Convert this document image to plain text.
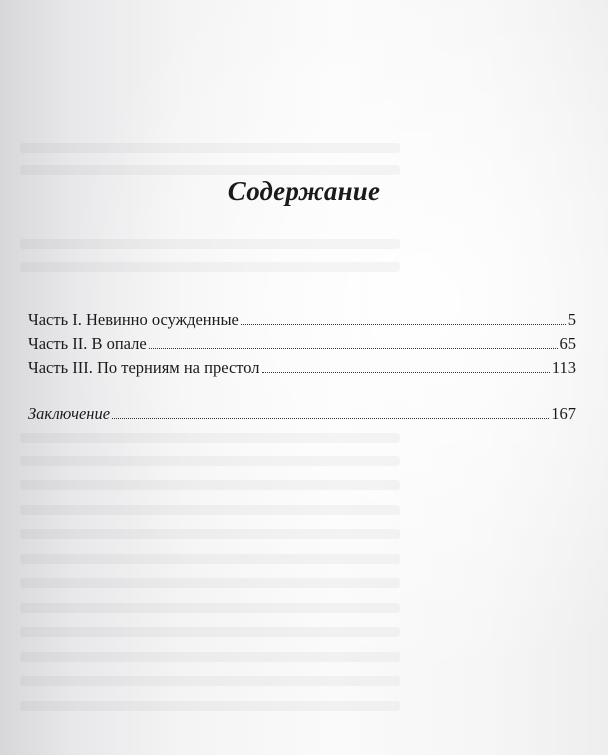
Содержание
Часть I. Невинно осужденные	5
Часть II. В опале	65
Часть III. По терниям на престол	113
Заключение	167
